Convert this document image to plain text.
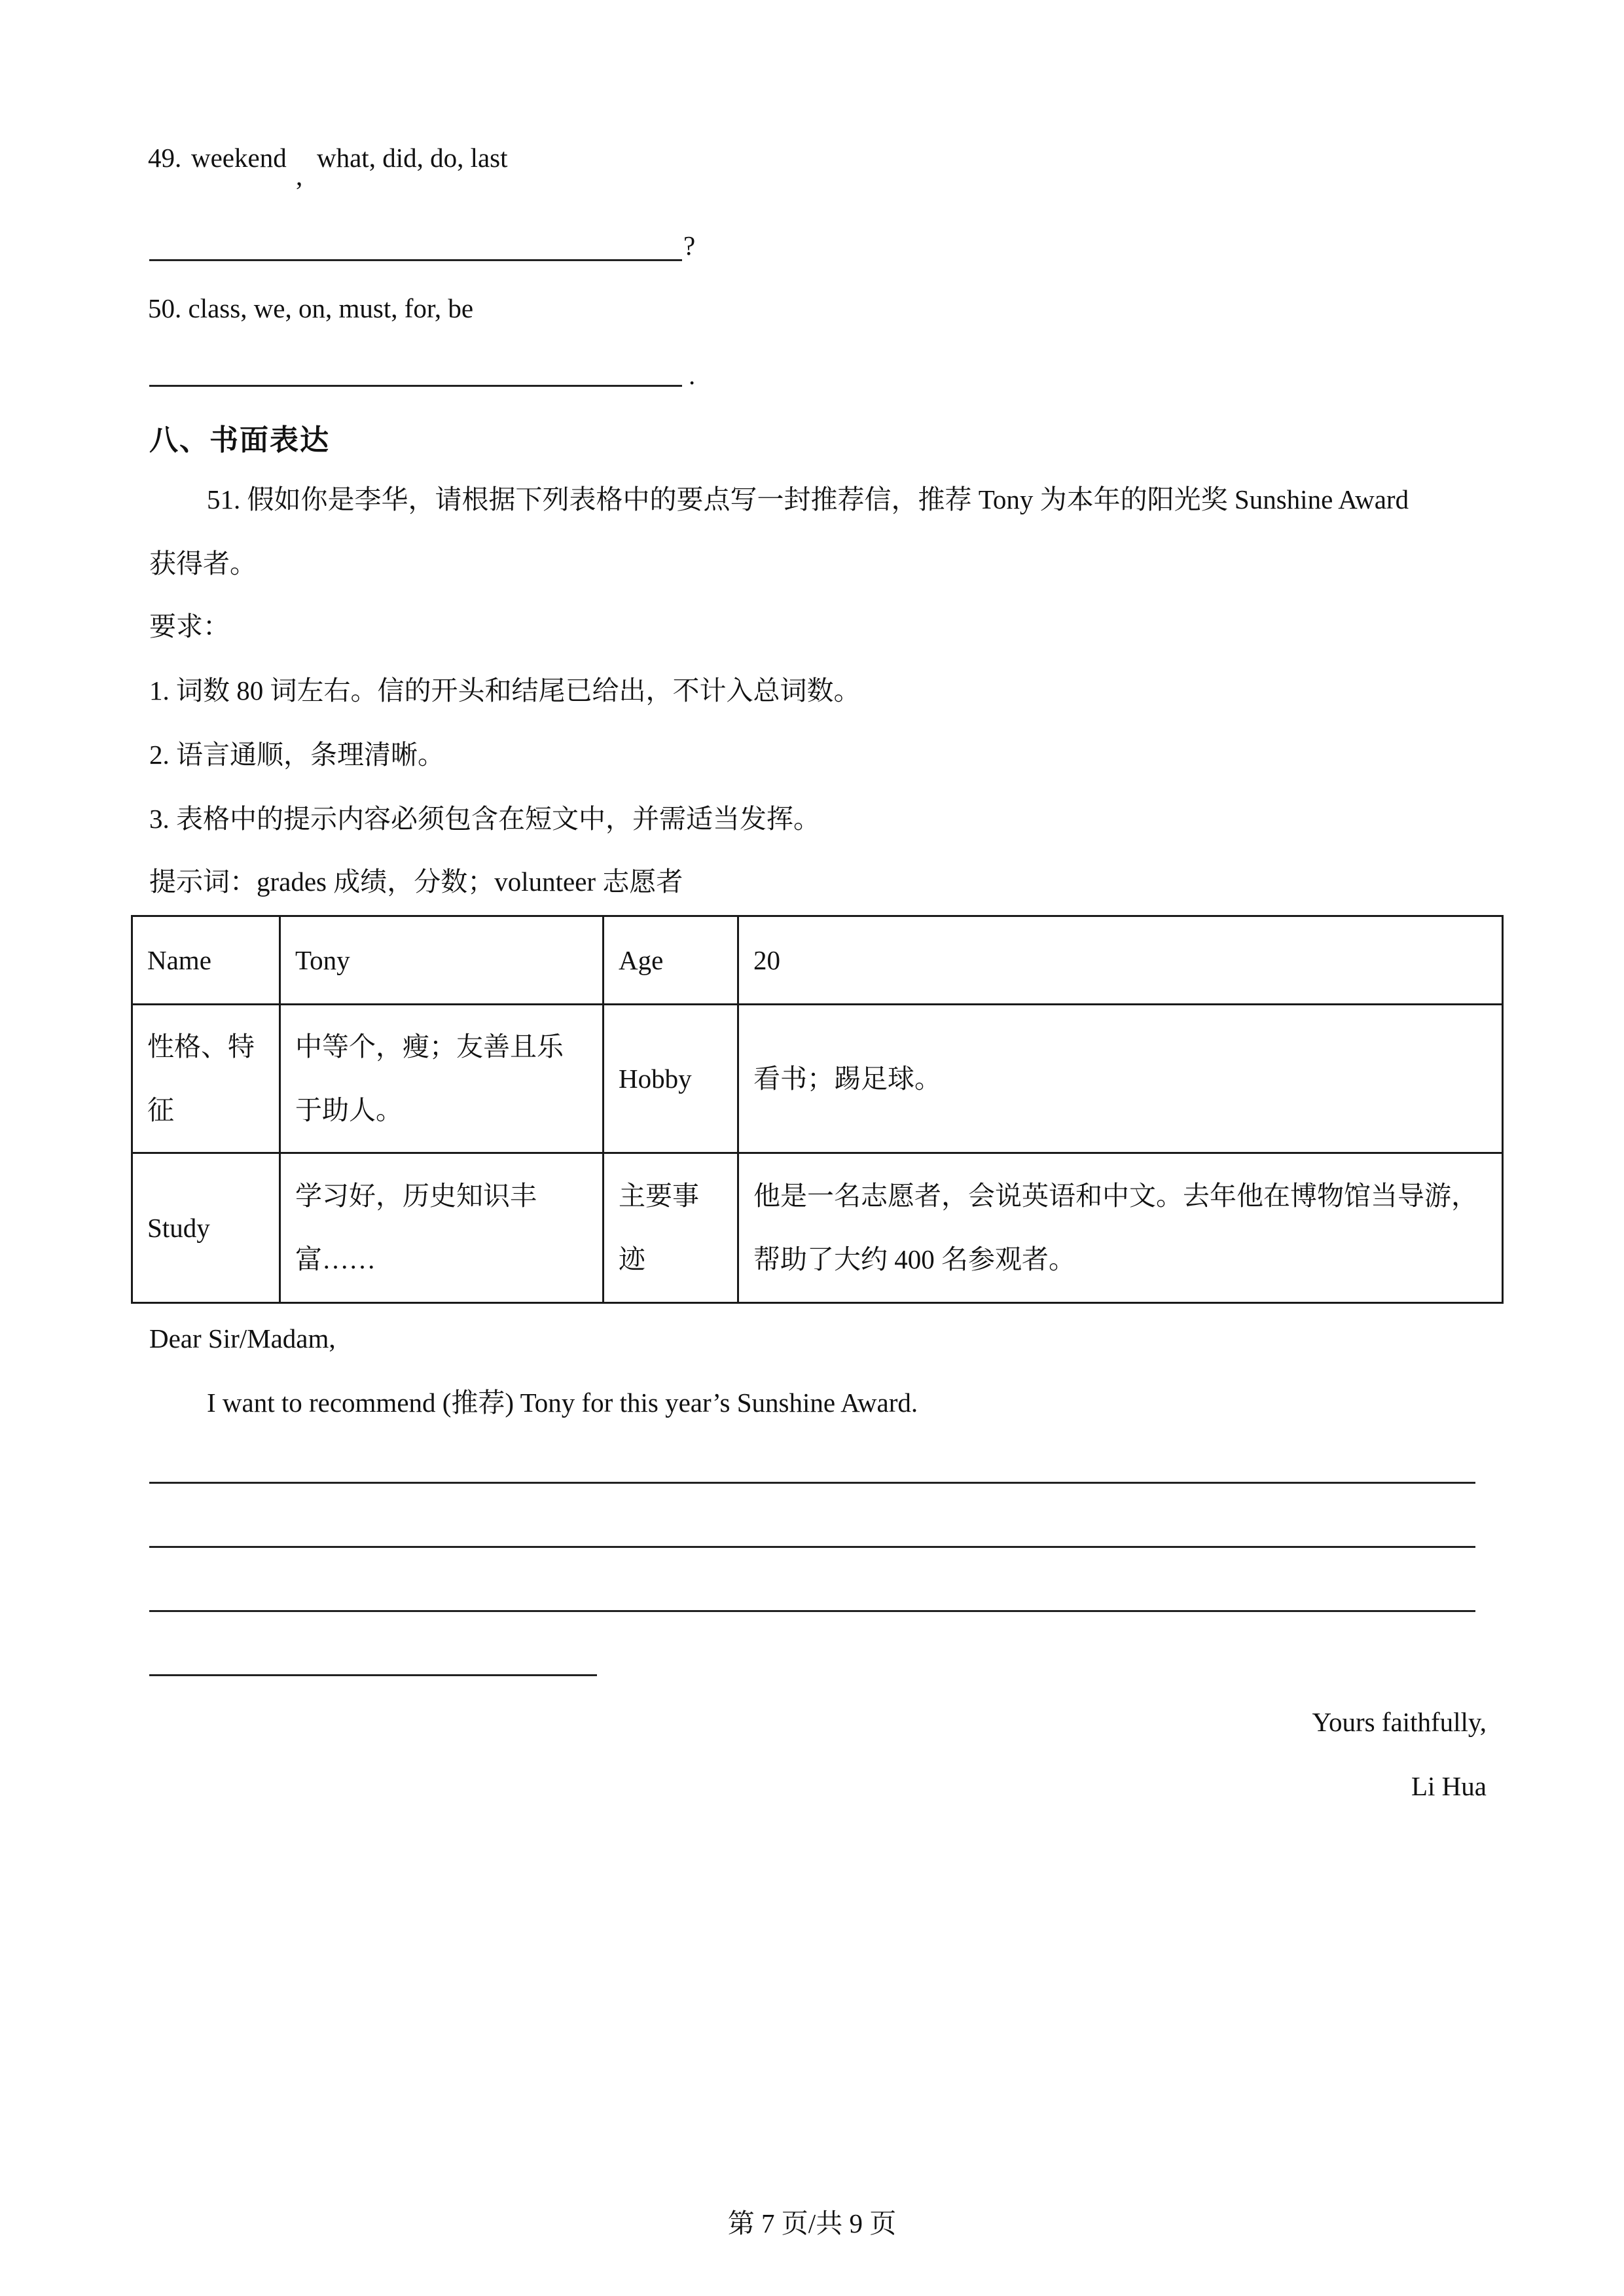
49. weekend
,
what, did, do, last
?
50. class, we, on, must, for, be
.
八、书面表达
51. 假如你是李华，请根据下列表格中的要点写一封推荐信，推荐 Tony 为本年的阳光奖 Sunshine Award
获得者。
要求：
1. 词数 80 词左右。信的开头和结尾已给出，不计入总词数。
2. 语言通顺，条理清晰。
3. 表格中的提示内容必须包含在短文中，并需适当发挥。
提示词：grades 成绩，分数；volunteer 志愿者
Name	Tony	Age	20
性格、特征	中等个，瘦；友善且乐于助人。	Hobby	看书；踢足球。
Study	学习好，历史知识丰富……	主要事迹	他是一名志愿者，会说英语和中文。去年他在博物馆当导游，帮助了大约 400 名参观者。
Dear Sir/Madam,
I want to recommend (推荐) Tony for this year’s Sunshine Award.
Yours faithfully,
Li Hua
第 7 页/共 9 页
